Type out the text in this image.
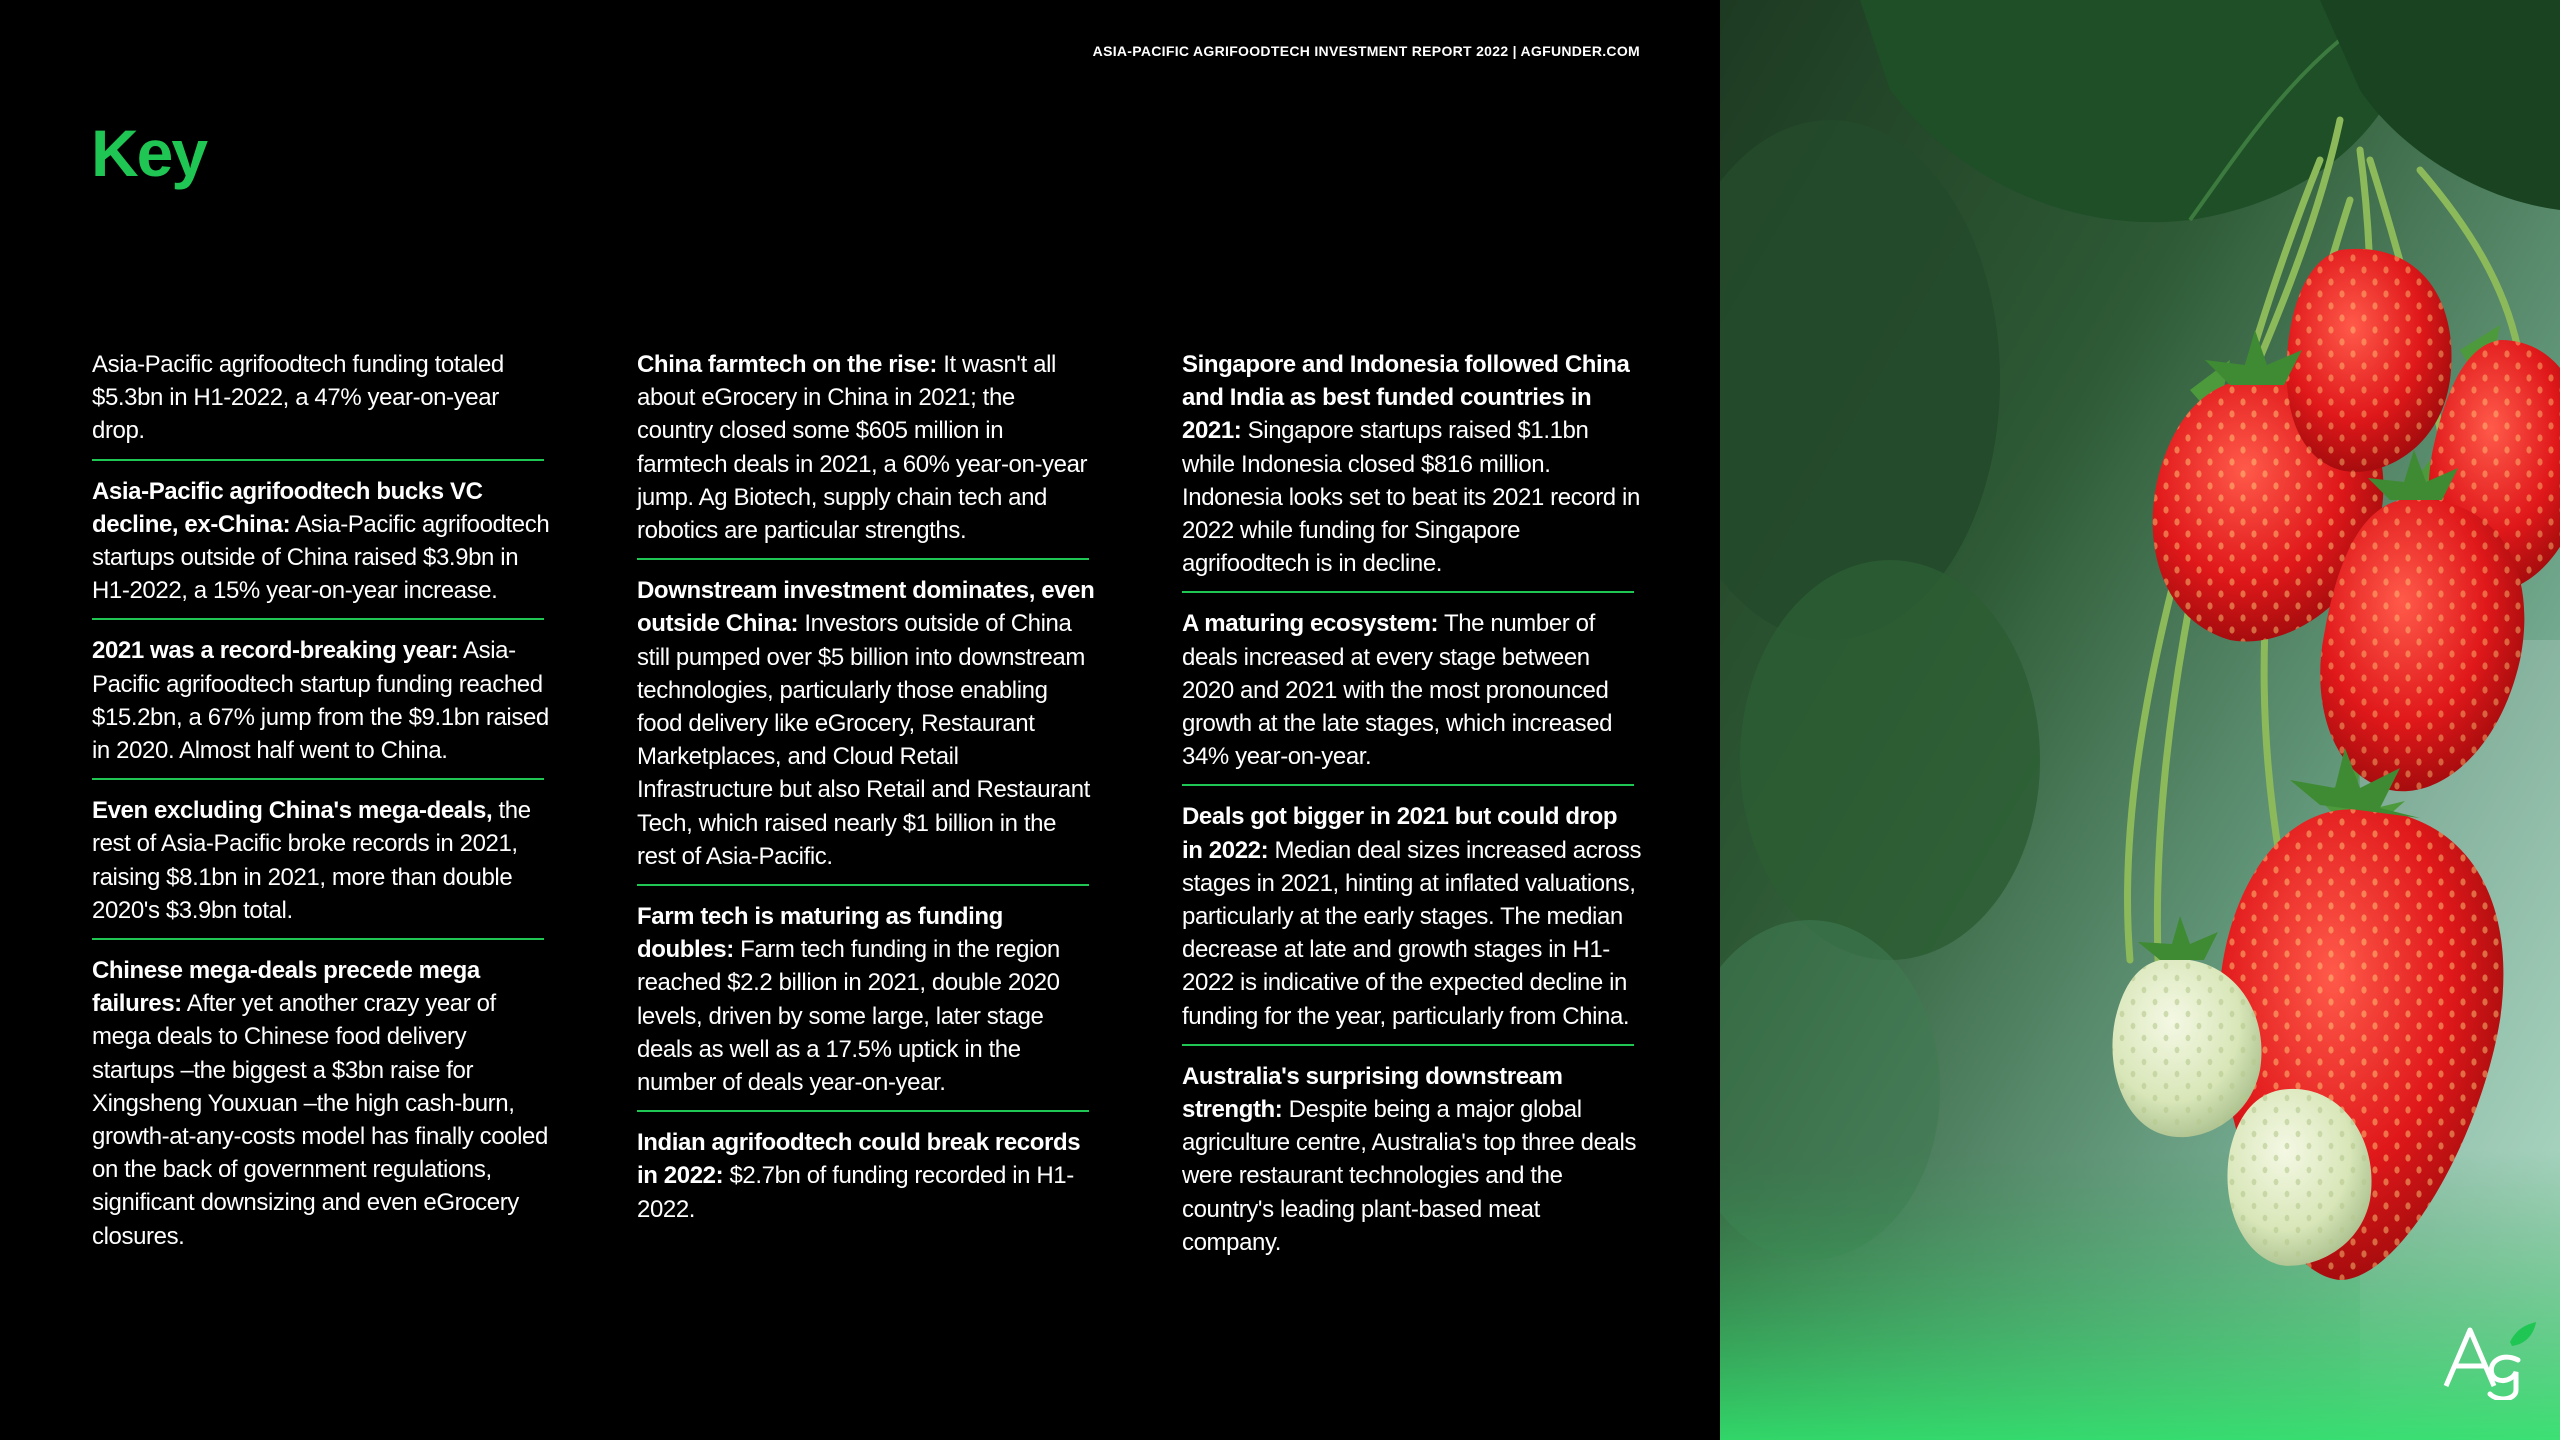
ASIA-PACIFIC AGRIFOODTECH INVESTMENT REPORT 2022 | AGFUNDER.COM
Key

Asia-Pacific agrifoodtech funding totaled $5.3bn in H1-2022, a 47% year-on-year drop.

Asia-Pacific agrifoodtech bucks VC decline, ex-China: Asia-Pacific agrifoodtech startups outside of China raised $3.9bn in H1-2022, a 15% year-on-year increase.

2021 was a record-breaking year: Asia-Pacific agrifoodtech startup funding reached $15.2bn, a 67% jump from the $9.1bn raised in 2020. Almost half went to China.

Even excluding China's mega-deals, the rest of Asia-Pacific broke records in 2021, raising $8.1bn in 2021, more than double 2020's $3.9bn total.

Chinese mega-deals precede mega failures: After yet another crazy year of mega deals to Chinese food delivery startups –the biggest a $3bn raise for Xingsheng Youxuan –the high cash-burn, growth-at-any-costs model has finally cooled on the back of government regulations, significant downsizing and even eGrocery closures.

China farmtech on the rise: It wasn't all about eGrocery in China in 2021; the country closed some $605 million in farmtech deals in 2021, a 60% year-on-year jump. Ag Biotech, supply chain tech and robotics are particular strengths.

Downstream investment dominates, even outside China: Investors outside of China still pumped over $5 billion into downstream technologies, particularly those enabling food delivery like eGrocery, Restaurant Marketplaces, and Cloud Retail Infrastructure but also Retail and Restaurant Tech, which raised nearly $1 billion in the rest of Asia-Pacific.

Farm tech is maturing as funding doubles: Farm tech funding in the region reached $2.2 billion in 2021, double 2020 levels, driven by some large, later stage deals as well as a 17.5% uptick in the number of deals year-on-year.

Indian agrifoodtech could break records in 2022: $2.7bn of funding recorded in H1-2022.

Singapore and Indonesia followed China and India as best funded countries in 2021: Singapore startups raised $1.1bn while Indonesia closed $816 million. Indonesia looks set to beat its 2021 record in 2022 while funding for Singapore agrifoodtech is in decline.

A maturing ecosystem: The number of deals increased at every stage between 2020 and 2021 with the most pronounced growth at the late stages, which increased 34% year-on-year.

Deals got bigger in 2021 but could drop in 2022: Median deal sizes increased across stages in 2021, hinting at inflated valuations, particularly at the early stages. The median decrease at late and growth stages in H1-2022 is indicative of the expected decline in funding for the year, particularly from China.

Australia's surprising downstream strength: Despite being a major global agriculture centre, Australia's top three deals were restaurant technologies and the country's leading plant-based meat company.
